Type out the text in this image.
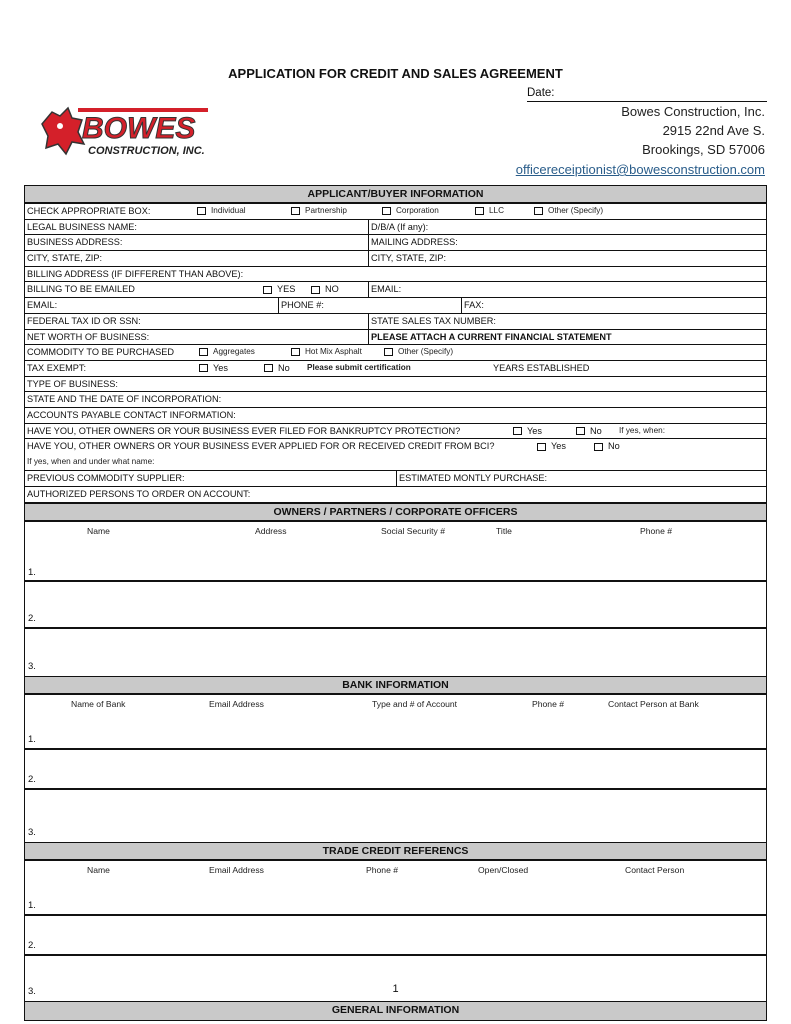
APPLICATION FOR CREDIT AND SALES AGREEMENT
Date:
BOWES
CONSTRUCTION, INC.
Bowes Construction, Inc.
2915 22nd Ave S.
Brookings, SD 57006
officereceiptionist@bowesconstruction.com
APPLICANT/BUYER INFORMATION
CHECK APPROPRIATE BOX:	Individual	Partnership	Corporation	LLC	Other (Specify)
LEGAL BUSINESS NAME:	D/B/A (If any):
BUSINESS ADDRESS:	MAILING ADDRESS:
CITY, STATE, ZIP:	CITY, STATE, ZIP:
BILLING ADDRESS (IF DIFFERENT THAN ABOVE):
BILLING TO BE EMAILED	YES	NO	EMAIL:
EMAIL:	PHONE #:	FAX:
FEDERAL TAX ID OR SSN:	STATE SALES TAX NUMBER:
NET WORTH OF BUSINESS:	PLEASE ATTACH A CURRENT FINANCIAL STATEMENT
COMMODITY TO BE PURCHASED	Aggregates	Hot Mix Asphalt	Other (Specify)
TAX EXEMPT:	Yes	No Please submit certification	YEARS ESTABLISHED
TYPE OF BUSINESS:
STATE AND THE DATE OF INCORPORATION:
ACCOUNTS PAYABLE CONTACT INFORMATION:
HAVE YOU, OTHER OWNERS OR YOUR BUSINESS EVER FILED FOR BANKRUPTCY PROTECTION?	Yes	No If yes, when:
HAVE YOU, OTHER OWNERS OR YOUR BUSINESS EVER APPLIED FOR OR RECEIVED CREDIT FROM BCI?	Yes	No
If yes, when and under what name:
PREVIOUS COMMODITY SUPPLIER:	ESTIMATED MONTLY PURCHASE:
AUTHORIZED PERSONS TO ORDER ON ACCOUNT:
OWNERS / PARTNERS / CORPORATE OFFICERS
Name	Address	Social Security #	Title	Phone #
1.
2.
3.
BANK INFORMATION
Name of Bank	Email Address	Type and # of Account	Phone #	Contact Person at Bank
1.
2.
3.
TRADE CREDIT REFERENCS
Name	Email Address	Phone #	Open/Closed	Contact Person
1.
2.
3.
GENERAL INFORMATION
1
